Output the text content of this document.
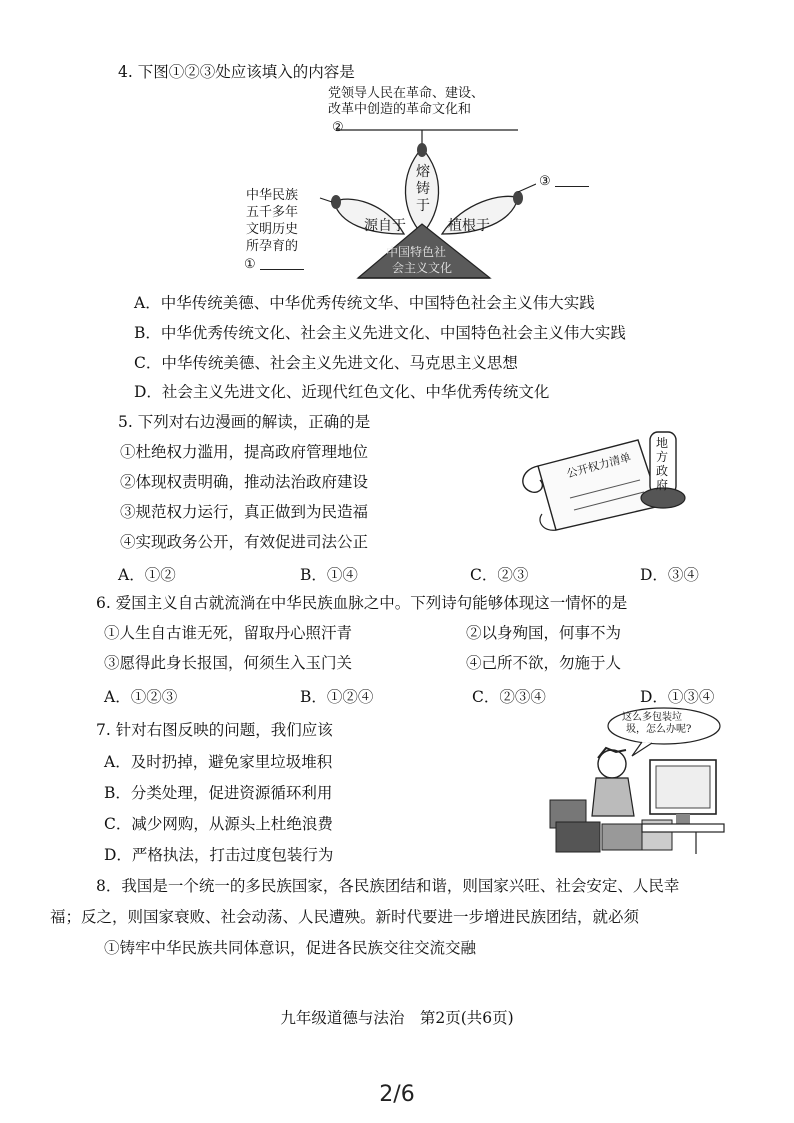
4. 下图①②③处应该填入的内容是
党领导人民在革命、建设、
改革中创造的革命文化和
②
③
中华民族
五千多年
文明历史
所孕育的
①
熔铸于
源自于	植根于
中国特色社
会主义文化
A．中华传统美德、中华优秀传统文华、中国特色社会主义伟大实践
B．中华优秀传统文化、社会主义先进文化、中国特色社会主义伟大实践
C．中华传统美德、社会主义先进文化、马克思主义思想
D．社会主义先进文化、近现代红色文化、中华优秀传统文化
5. 下列对右边漫画的解读，正确的是
①杜绝权力滥用，提高政府管理地位
②体现权责明确，推动法治政府建设
③规范权力运行，真正做到为民造福
④实现政务公开，有效促进司法公正
公开权力清单
地方政府
A．①②	B．①④	C．②③	D．③④
6. 爱国主义自古就流淌在中华民族血脉之中。下列诗句能够体现这一情怀的是
①人生自古谁无死，留取丹心照汗青	②以身殉国，何事不为
③愿得此身长报国，何须生入玉门关	④己所不欲，勿施于人
A．①②③	B．①②④	C．②③④	D．①③④
7. 针对右图反映的问题，我们应该
A．及时扔掉，避免家里垃圾堆积
B．分类处理，促进资源循环利用
C．减少网购，从源头上杜绝浪费
D．严格执法，打击过度包装行为
这么多包装垃
圾，怎么办呢?
8．我国是一个统一的多民族国家，各民族团结和谐，则国家兴旺、社会安定、人民幸
福；反之，则国家衰败、社会动荡、人民遭殃。新时代要进一步增进民族团结，就必须
①铸牢中华民族共同体意识，促进各民族交往交流交融
九年级道德与法治　第2页(共6页)
2/6
